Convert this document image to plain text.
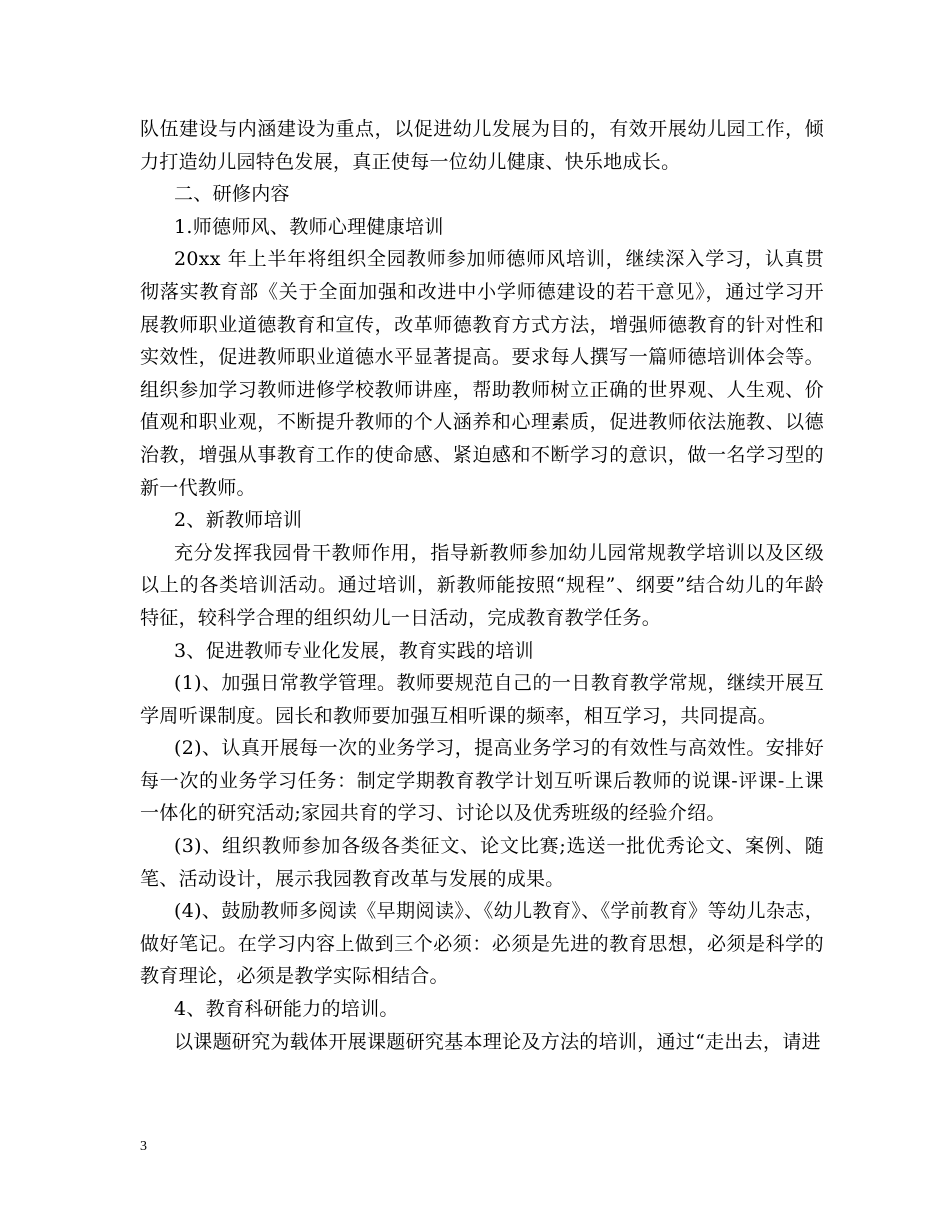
队伍建设与内涵建设为重点，以促进幼儿发展为目的，有效开展幼儿园工作，倾力打造幼儿园特色发展，真正使每一位幼儿健康、快乐地成长。

二、研修内容

1.师德师风、教师心理健康培训

20xx 年上半年将组织全园教师参加师德师风培训，继续深入学习，认真贯彻落实教育部《关于全面加强和改进中小学师德建设的若干意见》，通过学习开展教师职业道德教育和宣传，改革师德教育方式方法，增强师德教育的针对性和实效性，促进教师职业道德水平显著提高。要求每人撰写一篇师德培训体会等。组织参加学习教师进修学校教师讲座，帮助教师树立正确的世界观、人生观、价值观和职业观，不断提升教师的个人涵养和心理素质，促进教师依法施教、以德治教，增强从事教育工作的使命感、紧迫感和不断学习的意识，做一名学习型的新一代教师。

2、新教师培训

充分发挥我园骨干教师作用，指导新教师参加幼儿园常规教学培训以及区级以上的各类培训活动。通过培训，新教师能按照“规程”、纲要”结合幼儿的年龄特征，较科学合理的组织幼儿一日活动，完成教育教学任务。

3、促进教师专业化发展，教育实践的培训

(1)、加强日常教学管理。教师要规范自己的一日教育教学常规，继续开展互学周听课制度。园长和教师要加强互相听课的频率，相互学习，共同提高。

(2)、认真开展每一次的业务学习，提高业务学习的有效性与高效性。安排好每一次的业务学习任务：制定学期教育教学计划互听课后教师的说课-评课-上课一体化的研究活动;家园共育的学习、讨论以及优秀班级的经验介绍。

(3)、组织教师参加各级各类征文、论文比赛;选送一批优秀论文、案例、随笔、活动设计，展示我园教育改革与发展的成果。

(4)、鼓励教师多阅读《早期阅读》、《幼儿教育》、《学前教育》等幼儿杂志，做好笔记。在学习内容上做到三个必须：必须是先进的教育思想，必须是科学的教育理论，必须是教学实际相结合。

4、教育科研能力的培训。

以课题研究为载体开展课题研究基本理论及方法的培训，通过“走出去，请进

3
